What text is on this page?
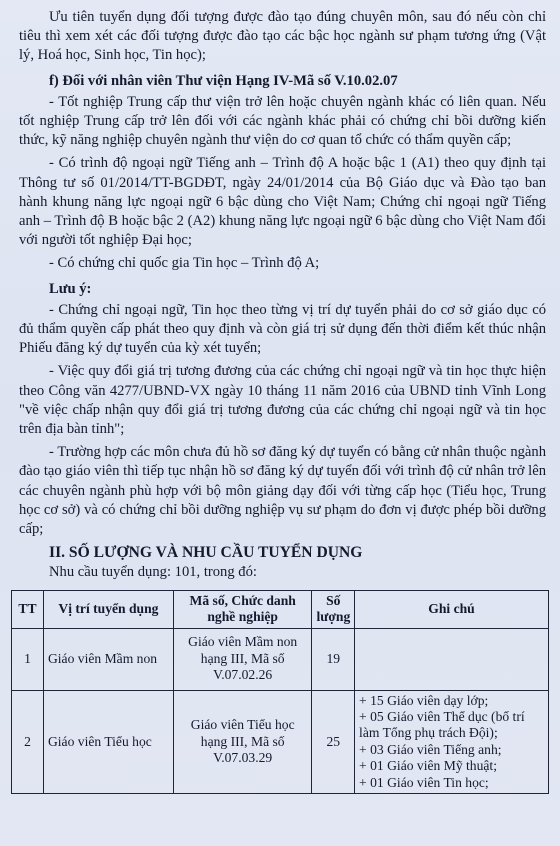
Ưu tiên tuyển dụng đối tượng được đào tạo đúng chuyên môn, sau đó nếu còn chỉ tiêu thì xem xét các đối tượng được đào tạo các bậc học ngành sư phạm tương ứng (Vật lý, Hoá học, Sinh học, Tin học);

f) Đối với nhân viên Thư viện Hạng IV-Mã số V.10.02.07

- Tốt nghiệp Trung cấp thư viện trở lên hoặc chuyên ngành khác có liên quan. Nếu tốt nghiệp Trung cấp trở lên đối với các ngành khác phải có chứng chỉ bồi dưỡng kiến thức, kỹ năng nghiệp chuyên ngành thư viện do cơ quan tổ chức có thẩm quyền cấp;

- Có trình độ ngoại ngữ Tiếng anh – Trình độ A hoặc bậc 1 (A1) theo quy định tại Thông tư số 01/2014/TT-BGDĐT, ngày 24/01/2014 của Bộ Giáo dục và Đào tạo ban hành khung năng lực ngoại ngữ 6 bậc dùng cho Việt Nam; Chứng chỉ ngoại ngữ Tiếng anh – Trình độ B hoặc bậc 2 (A2) khung năng lực ngoại ngữ 6 bậc dùng cho Việt Nam đối với người tốt nghiệp Đại học;

- Có chứng chỉ quốc gia Tin học – Trình độ A;

Lưu ý:

- Chứng chỉ ngoại ngữ, Tin học theo từng vị trí dự tuyển phải do cơ sở giáo dục có đủ thẩm quyền cấp phát theo quy định và còn giá trị sử dụng đến thời điểm kết thúc nhận Phiếu đăng ký dự tuyển của kỳ xét tuyển;

- Việc quy đổi giá trị tương đương của các chứng chỉ ngoại ngữ và tin học thực hiện theo Công văn 4277/UBND-VX ngày 10 tháng 11 năm 2016 của UBND tỉnh Vĩnh Long "về việc chấp nhận quy đổi giá trị tương đương của các chứng chỉ ngoại ngữ và tin học trên địa bàn tỉnh";

- Trường hợp các môn chưa đủ hồ sơ đăng ký dự tuyển có bằng cử nhân thuộc ngành đào tạo giáo viên thì tiếp tục nhận hồ sơ đăng ký dự tuyển đối với trình độ cử nhân trở lên các chuyên ngành phù hợp với bộ môn giảng dạy đối với từng cấp học (Tiểu học, Trung học cơ sở) và có chứng chỉ bồi dưỡng nghiệp vụ sư phạm do đơn vị được phép bồi dưỡng cấp;

II. SỐ LƯỢNG VÀ NHU CẦU TUYỂN DỤNG

Nhu cầu tuyển dụng: 101, trong đó:

TT	Vị trí tuyển dụng	Mã số, Chức danh nghề nghiệp	Số lượng	Ghi chú
1	Giáo viên Mầm non	Giáo viên Mầm non hạng III, Mã số V.07.02.26	19	
2	Giáo viên Tiểu học	Giáo viên Tiểu học hạng III, Mã số V.07.03.29	25	+ 15 Giáo viên dạy lớp;
+ 05 Giáo viên Thể dục (bố trí làm Tổng phụ trách Đội);
+ 03 Giáo viên Tiếng anh;
+ 01 Giáo viên Mỹ thuật;
+ 01 Giáo viên Tin học;
